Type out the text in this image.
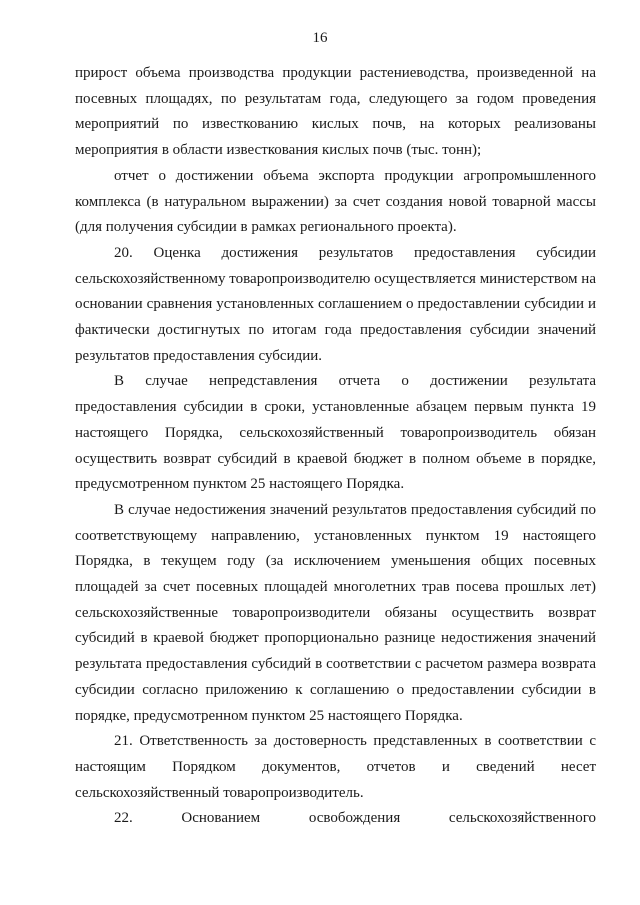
16

прирост объема производства продукции растениеводства, произведенной на посевных площадях, по результатам года, следующего за годом проведения мероприятий по известкованию кислых почв, на которых реализованы мероприятия в области известкования кислых почв (тыс. тонн);

отчет о достижении объема экспорта продукции агропромышленного комплекса (в натуральном выражении) за счет создания новой товарной массы (для получения субсидии в рамках регионального проекта).

20. Оценка достижения результатов предоставления субсидии сельскохозяйственному товаропроизводителю осуществляется министерством на основании сравнения установленных соглашением о предоставлении субсидии и фактически достигнутых по итогам года предоставления субсидии значений результатов предоставления субсидии.

В случае непредставления отчета о достижении результата предоставления субсидии в сроки, установленные абзацем первым пункта 19 настоящего Порядка, сельскохозяйственный товаропроизводитель обязан осуществить возврат субсидий в краевой бюджет в полном объеме в порядке, предусмотренном пунктом 25 настоящего Порядка.

В случае недостижения значений результатов предоставления субсидий по соответствующему направлению, установленных пунктом 19 настоящего Порядка, в текущем году (за исключением уменьшения общих посевных площадей за счет посевных площадей многолетних трав посева прошлых лет) сельскохозяйственные товаропроизводители обязаны осуществить возврат субсидий в краевой бюджет пропорционально разнице недостижения значений результата предоставления субсидий в соответствии с расчетом размера возврата субсидии согласно приложению к соглашению о предоставлении субсидии в порядке, предусмотренном пунктом 25 настоящего Порядка.

21. Ответственность за достоверность представленных в соответствии с настоящим Порядком документов, отчетов и сведений несет сельскохозяйственный товаропроизводитель.

22. Основанием освобождения сельскохозяйственного
